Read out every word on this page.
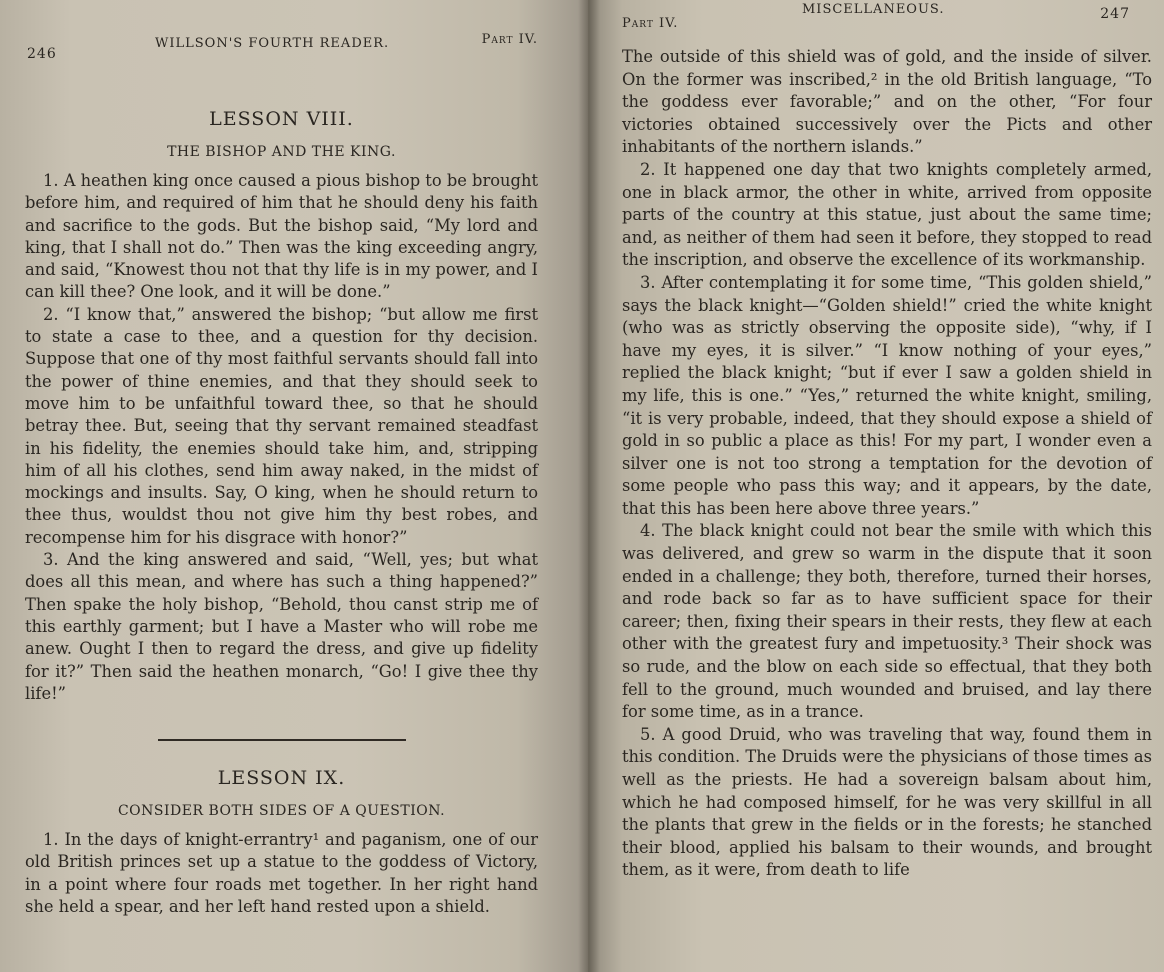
246
WILLSON'S FOURTH READER.	Part IV.
LESSON VIII.
THE BISHOP AND THE KING.

1. A heathen king once caused a pious bishop to be brought before him, and required of him that he should deny his faith and sacrifice to the gods. But the bishop said, “My lord and king, that I shall not do.” Then was the king exceeding angry, and said, “Knowest thou not that thy life is in my power, and I can kill thee? One look, and it will be done.”

2. “I know that,” answered the bishop; “but allow me first to state a case to thee, and a question for thy decision. Suppose that one of thy most faithful servants should fall into the power of thine enemies, and that they should seek to move him to be unfaithful toward thee, so that he should betray thee. But, seeing that thy servant remained steadfast in his fidelity, the enemies should take him, and, stripping him of all his clothes, send him away naked, in the midst of mockings and insults. Say, O king, when he should return to thee thus, wouldst thou not give him thy best robes, and recompense him for his disgrace with honor?”

3. And the king answered and said, “Well, yes; but what does all this mean, and where has such a thing happened?” Then spake the holy bishop, “Behold, thou canst strip me of this earthly garment; but I have a Master who will robe me anew. Ought I then to regard the dress, and give up fidelity for it?” Then said the heathen monarch, “Go! I give thee thy life!”

LESSON IX.
CONSIDER BOTH SIDES OF A QUESTION.

1. In the days of knight-errantry¹ and paganism, one of our old British princes set up a statue to the goddess of Victory, in a point where four roads met together. In her right hand she held a spear, and her left hand rested upon a shield.

Part IV.
MISCELLANEOUS.	247

The outside of this shield was of gold, and the inside of silver. On the former was inscribed,² in the old British language, “To the goddess ever favorable;” and on the other, “For four victories obtained successively over the Picts and other inhabitants of the northern islands.”

2. It happened one day that two knights completely armed, one in black armor, the other in white, arrived from opposite parts of the country at this statue, just about the same time; and, as neither of them had seen it before, they stopped to read the inscription, and observe the excellence of its workmanship.

3. After contemplating it for some time, “This golden shield,” says the black knight—“Golden shield!” cried the white knight (who was as strictly observing the opposite side), “why, if I have my eyes, it is silver.” “I know nothing of your eyes,” replied the black knight; “but if ever I saw a golden shield in my life, this is one.” “Yes,” returned the white knight, smiling, “it is very probable, indeed, that they should expose a shield of gold in so public a place as this! For my part, I wonder even a silver one is not too strong a temptation for the devotion of some people who pass this way; and it appears, by the date, that this has been here above three years.”

4. The black knight could not bear the smile with which this was delivered, and grew so warm in the dispute that it soon ended in a challenge; they both, therefore, turned their horses, and rode back so far as to have sufficient space for their career; then, fixing their spears in their rests, they flew at each other with the greatest fury and impetuosity.³ Their shock was so rude, and the blow on each side so effectual, that they both fell to the ground, much wounded and bruised, and lay there for some time, as in a trance.

5. A good Druid, who was traveling that way, found them in this condition. The Druids were the physicians of those times as well as the priests. He had a sovereign balsam about him, which he had composed himself, for he was very skillful in all the plants that grew in the fields or in the forests; he stanched their blood, applied his balsam to their wounds, and brought them, as it were, from death to life
